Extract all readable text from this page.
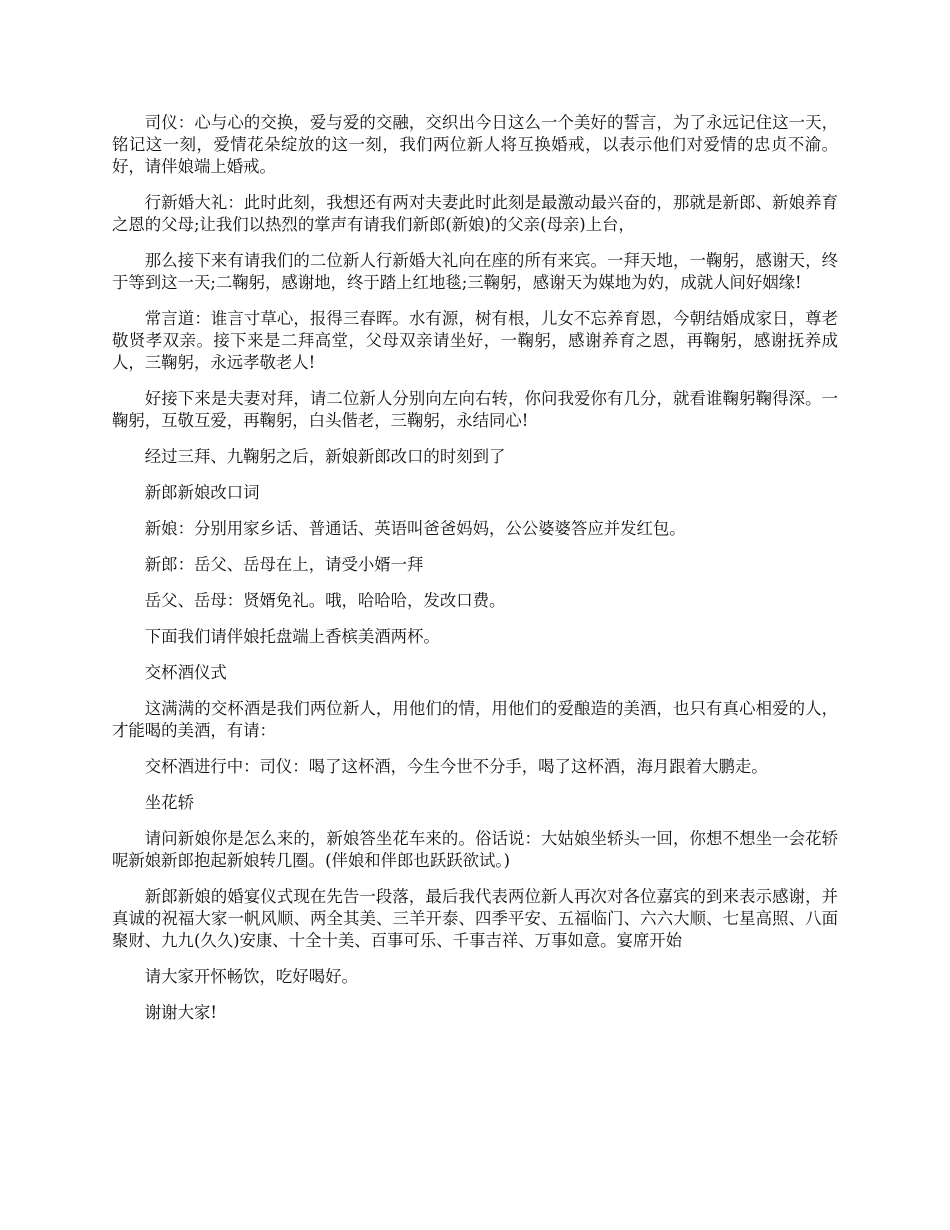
司仪：心与心的交换，爱与爱的交融，交织出今日这么一个美好的誓言，为了永远记住这一天，铭记这一刻，爱情花朵绽放的这一刻，我们两位新人将互换婚戒，以表示他们对爱情的忠贞不渝。好，请伴娘端上婚戒。

行新婚大礼：此时此刻，我想还有两对夫妻此时此刻是最激动最兴奋的，那就是新郎、新娘养育之恩的父母;让我们以热烈的掌声有请我们新郎(新娘)的父亲(母亲)上台，

那么接下来有请我们的二位新人行新婚大礼向在座的所有来宾。一拜天地，一鞠躬，感谢天，终于等到这一天;二鞠躬，感谢地，终于踏上红地毯;三鞠躬，感谢天为媒地为妁，成就人间好姻缘!

常言道：谁言寸草心，报得三春晖。水有源，树有根，儿女不忘养育恩，今朝结婚成家日，尊老敬贤孝双亲。接下来是二拜高堂，父母双亲请坐好，一鞠躬，感谢养育之恩，再鞠躬，感谢抚养成人，三鞠躬，永远孝敬老人!

好接下来是夫妻对拜，请二位新人分别向左向右转，你问我爱你有几分，就看谁鞠躬鞠得深。一鞠躬，互敬互爱，再鞠躬，白头偕老，三鞠躬，永结同心!

经过三拜、九鞠躬之后，新娘新郎改口的时刻到了

新郎新娘改口词

新娘：分别用家乡话、普通话、英语叫爸爸妈妈，公公婆婆答应并发红包。

新郎：岳父、岳母在上，请受小婿一拜

岳父、岳母：贤婿免礼。哦，哈哈哈，发改口费。

下面我们请伴娘托盘端上香槟美酒两杯。

交杯酒仪式

这满满的交杯酒是我们两位新人，用他们的情，用他们的爱酿造的美酒，也只有真心相爱的人，才能喝的美酒，有请：

交杯酒进行中：司仪：喝了这杯酒，今生今世不分手，喝了这杯酒，海月跟着大鹏走。

坐花轿

请问新娘你是怎么来的，新娘答坐花车来的。俗话说：大姑娘坐轿头一回，你想不想坐一会花轿呢新娘新郎抱起新娘转几圈。(伴娘和伴郎也跃跃欲试。)

新郎新娘的婚宴仪式现在先告一段落，最后我代表两位新人再次对各位嘉宾的到来表示感谢，并真诚的祝福大家一帆风顺、两全其美、三羊开泰、四季平安、五福临门、六六大顺、七星高照、八面聚财、九九(久久)安康、十全十美、百事可乐、千事吉祥、万事如意。宴席开始

请大家开怀畅饮，吃好喝好。

谢谢大家!
